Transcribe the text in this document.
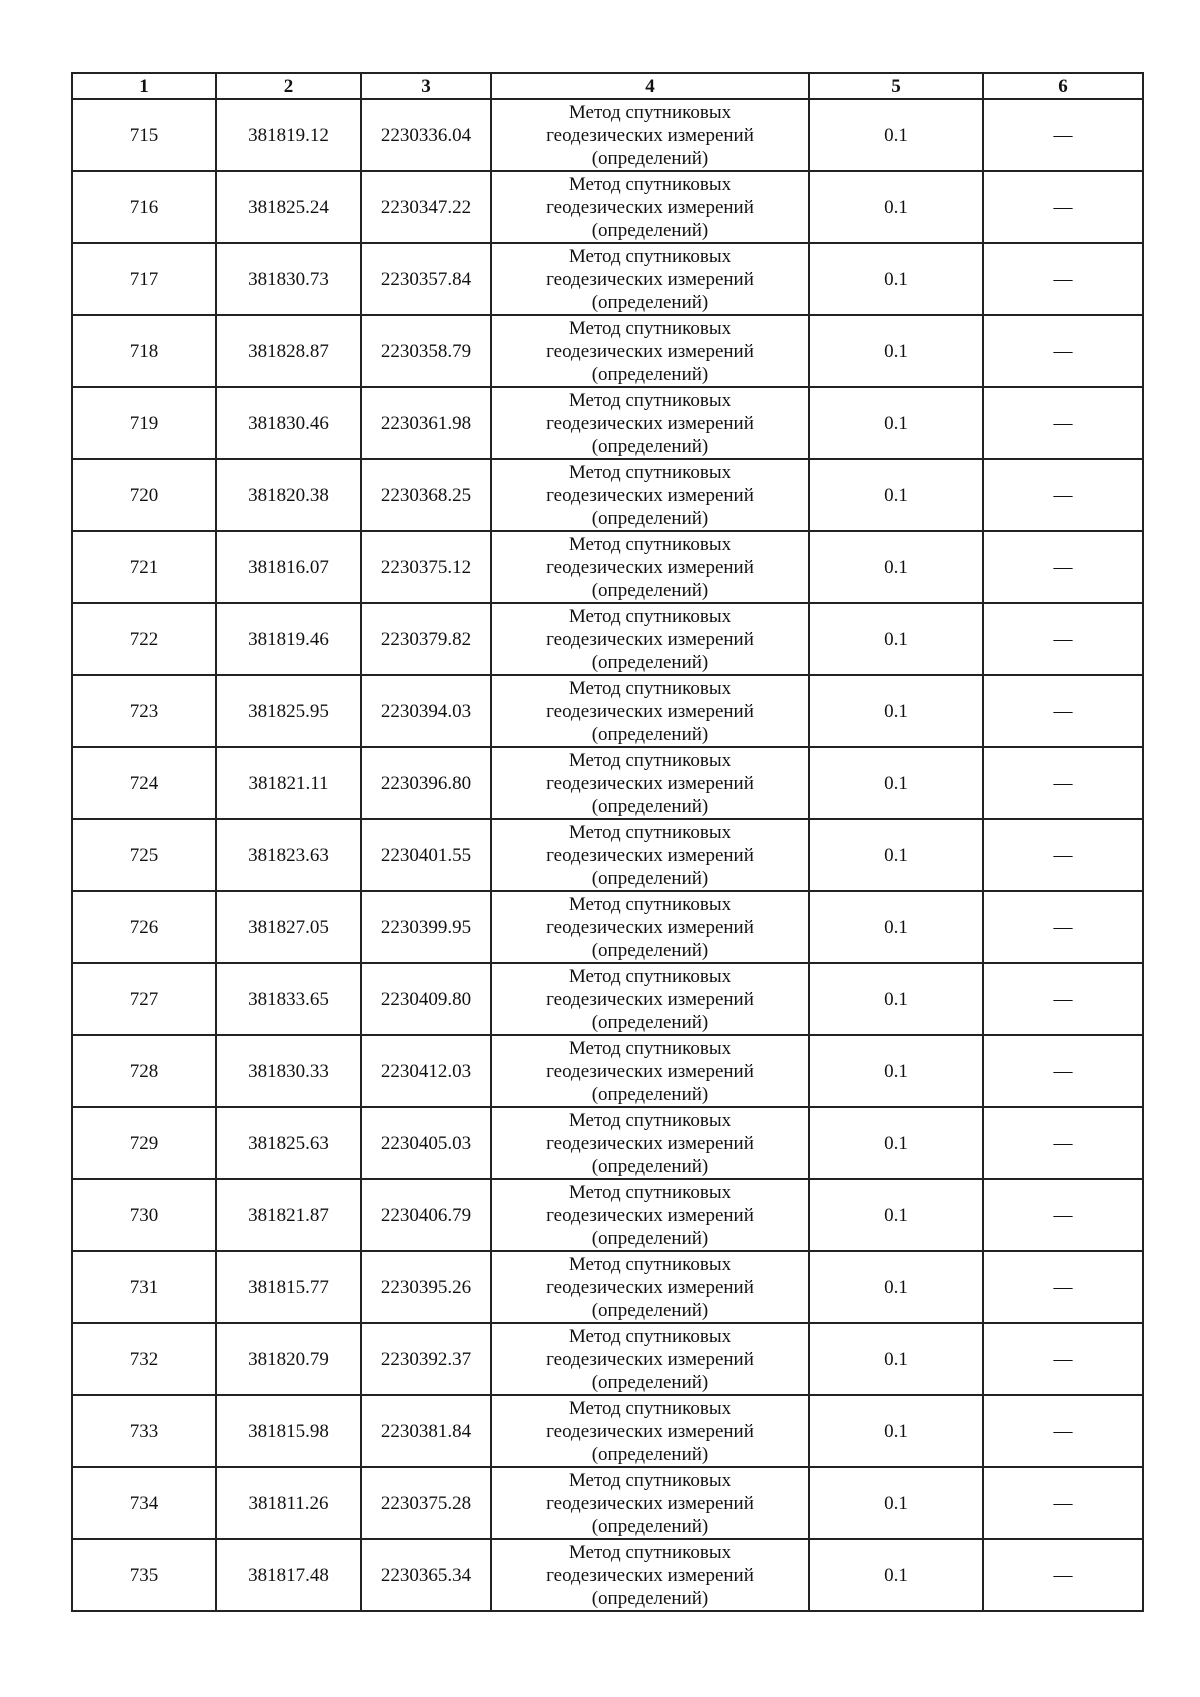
1	2	3	4	5	6
715	381819.12	2230336.04	Метод спутниковых
геодезических измерений
(определений)	0.1	—
716	381825.24	2230347.22	Метод спутниковых
геодезических измерений
(определений)	0.1	—
717	381830.73	2230357.84	Метод спутниковых
геодезических измерений
(определений)	0.1	—
718	381828.87	2230358.79	Метод спутниковых
геодезических измерений
(определений)	0.1	—
719	381830.46	2230361.98	Метод спутниковых
геодезических измерений
(определений)	0.1	—
720	381820.38	2230368.25	Метод спутниковых
геодезических измерений
(определений)	0.1	—
721	381816.07	2230375.12	Метод спутниковых
геодезических измерений
(определений)	0.1	—
722	381819.46	2230379.82	Метод спутниковых
геодезических измерений
(определений)	0.1	—
723	381825.95	2230394.03	Метод спутниковых
геодезических измерений
(определений)	0.1	—
724	381821.11	2230396.80	Метод спутниковых
геодезических измерений
(определений)	0.1	—
725	381823.63	2230401.55	Метод спутниковых
геодезических измерений
(определений)	0.1	—
726	381827.05	2230399.95	Метод спутниковых
геодезических измерений
(определений)	0.1	—
727	381833.65	2230409.80	Метод спутниковых
геодезических измерений
(определений)	0.1	—
728	381830.33	2230412.03	Метод спутниковых
геодезических измерений
(определений)	0.1	—
729	381825.63	2230405.03	Метод спутниковых
геодезических измерений
(определений)	0.1	—
730	381821.87	2230406.79	Метод спутниковых
геодезических измерений
(определений)	0.1	—
731	381815.77	2230395.26	Метод спутниковых
геодезических измерений
(определений)	0.1	—
732	381820.79	2230392.37	Метод спутниковых
геодезических измерений
(определений)	0.1	—
733	381815.98	2230381.84	Метод спутниковых
геодезических измерений
(определений)	0.1	—
734	381811.26	2230375.28	Метод спутниковых
геодезических измерений
(определений)	0.1	—
735	381817.48	2230365.34	Метод спутниковых
геодезических измерений
(определений)	0.1	—
